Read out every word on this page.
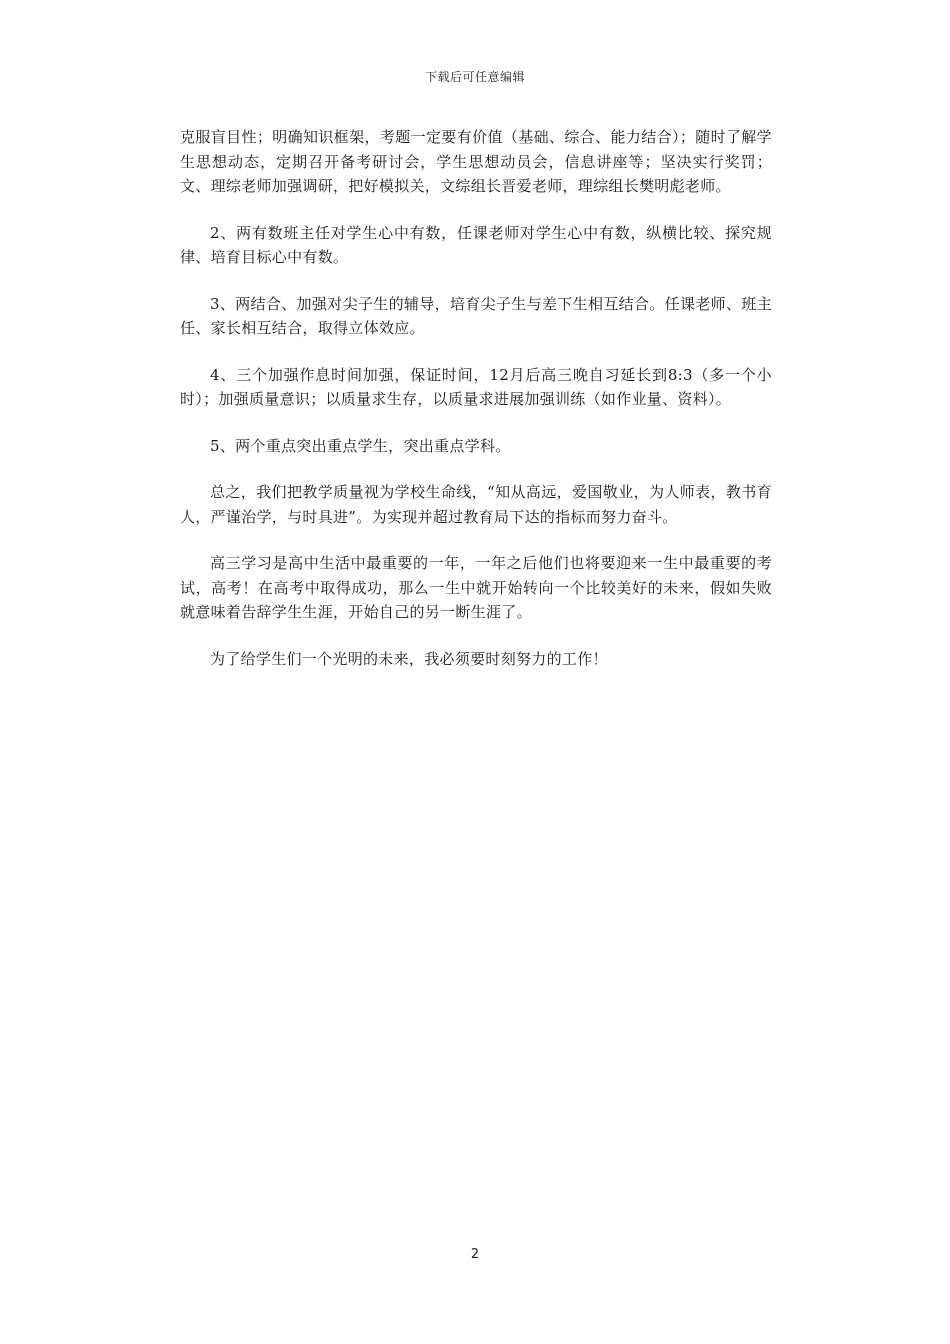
下载后可任意编辑

克服盲目性；明确知识框架，考题一定要有价值（基础、综合、能力结合）；随时了解学生思想动态，定期召开备考研讨会，学生思想动员会，信息讲座等；坚决实行奖罚；文、理综老师加强调研，把好模拟关，文综组长晋爱老师，理综组长樊明彪老师。

2、两有数班主任对学生心中有数，任课老师对学生心中有数，纵横比较、探究规律、培育目标心中有数。

3、两结合、加强对尖子生的辅导，培育尖子生与差下生相互结合。任课老师、班主任、家长相互结合，取得立体效应。

4、三个加强作息时间加强，保证时间，12月后高三晚自习延长到8:3（多一个小时）；加强质量意识；以质量求生存，以质量求进展加强训练（如作业量、资料）。

5、两个重点突出重点学生，突出重点学科。

总之，我们把教学质量视为学校生命线，“知从高远，爱国敬业，为人师表，教书育人，严谨治学，与时具进”。为实现并超过教育局下达的指标而努力奋斗。

高三学习是高中生活中最重要的一年，一年之后他们也将要迎来一生中最重要的考试，高考！在高考中取得成功，那么一生中就开始转向一个比较美好的未来，假如失败就意味着告辞学生生涯，开始自己的另一断生涯了。

为了给学生们一个光明的未来，我必须要时刻努力的工作！

2
